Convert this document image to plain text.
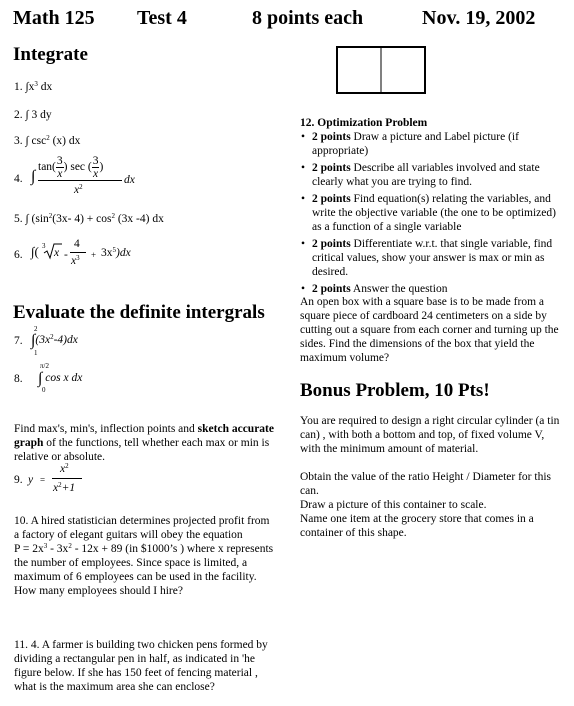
Math 125 Test 4	8 points each	Nov. 19, 2002
Integrate
1. $\int x^3$ dx
2. ∫ 3 dy
3. ∫ $\csc^2 (x)$ dx
4. ∫
$\tan( \frac{3}{x}$ ) sec ( $\frac{3}{x}$ )
dx
$x^2$
5. ∫ ($\sin^2(3x-$ $4) + \cos^2 (3x$ -4) dx
6. ∫( 3
x -
4
$x^3 + 3x^5)dx$
Evaluate the definite intergrals
2
7. $\int(3x^2-4)dx$
1
π/2
8. ∫ cos x dx
0
Find max's, min's, inflection points and sketch accurate graph of the functions, tell whether each max or min is relative or absolute.
9. y =
$x^2$
$x^2+1$
10. A hired statistician determines projected profit from a factory of elegant guitars will obey the equation
$P = 2x^3 - 3x^2 - 12x + 89$ (in $1000’s ) where x represents the number of employees. Since space is limited, a maximum of 6 employees can be used in the facility. How many employees should I hire?
11. 4. A farmer is building two chicken pens formed by dividing a rectangular pen in half, as indicated in 'he figure below. If she has 150 feet of fencing material , what is the maximum area she can enclose?
12. Optimization Problem
• 2 points Draw a picture and Label picture (if appropriate)
• 2 points Describe all variables involved and state clearly what you are trying to find.
• 2 points Find equation(s) relating the variables, and write the objective variable (the one to be optimized) as a function of a single variable
• 2 points Differentiate w.r.t. that single variable, find critical values, show your answer is max or min as desired.
• 2 points Answer the question
An open box with a square base is to be made from a square piece of cardboard 24 centimeters on a side by cutting out a square from each corner and turning up the sides. Find the dimensions of the box that yield the maximum volume?
Bonus Problem, 10 Pts!
You are required to design a right circular cylinder (a tin can) , with both a bottom and top, of fixed volume V, with the minimum amount of material.
Obtain the value of the ratio Height / Diameter for this can.
Draw a picture of this container to scale.
Name one item at the grocery store that comes in a container of this shape.
